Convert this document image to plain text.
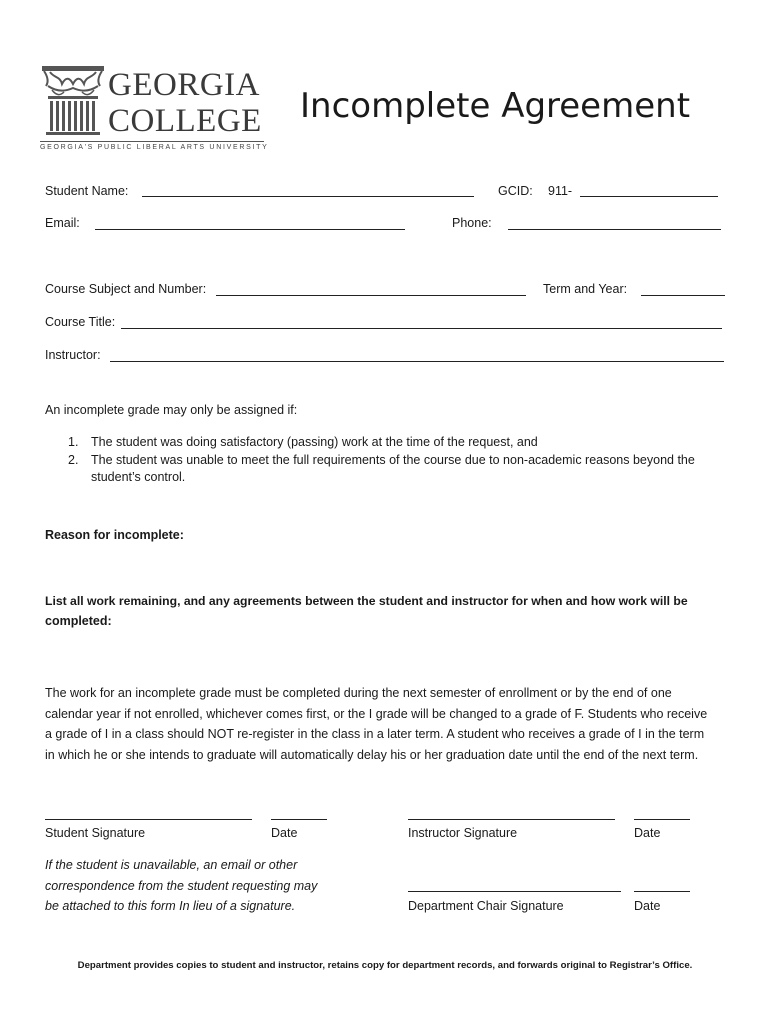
GEORGIA
COLLEGE
GEORGIA'S PUBLIC LIBERAL ARTS UNIVERSITY
Incomplete Agreement
Student Name:	GCID: 911-
Email:	Phone:
Course Subject and Number:	Term and Year:
Course Title:
Instructor:
An incomplete grade may only be assigned if:
1. The student was doing satisfactory (passing) work at the time of the request, and
2. The student was unable to meet the full requirements of the course due to non-academic reasons beyond the
student’s control.
Reason for incomplete:
List all work remaining, and any agreements between the student and instructor for when and how work will be
completed:
The work for an incomplete grade must be completed during the next semester of enrollment or by the end of one
calendar year if not enrolled, whichever comes first, or the I grade will be changed to a grade of F. Students who receive
a grade of I in a class should NOT re-register in the class in a later term. A student who receives a grade of I in the term
in which he or she intends to graduate will automatically delay his or her graduation date until the end of the next term.
Student Signature	Date	Instructor Signature	Date
If the student is unavailable, an email or other
correspondence from the student requesting may
be attached to this form In lieu of a signature.	Department Chair Signature	Date
Department provides copies to student and instructor, retains copy for department records, and forwards original to Registrar’s Office.
